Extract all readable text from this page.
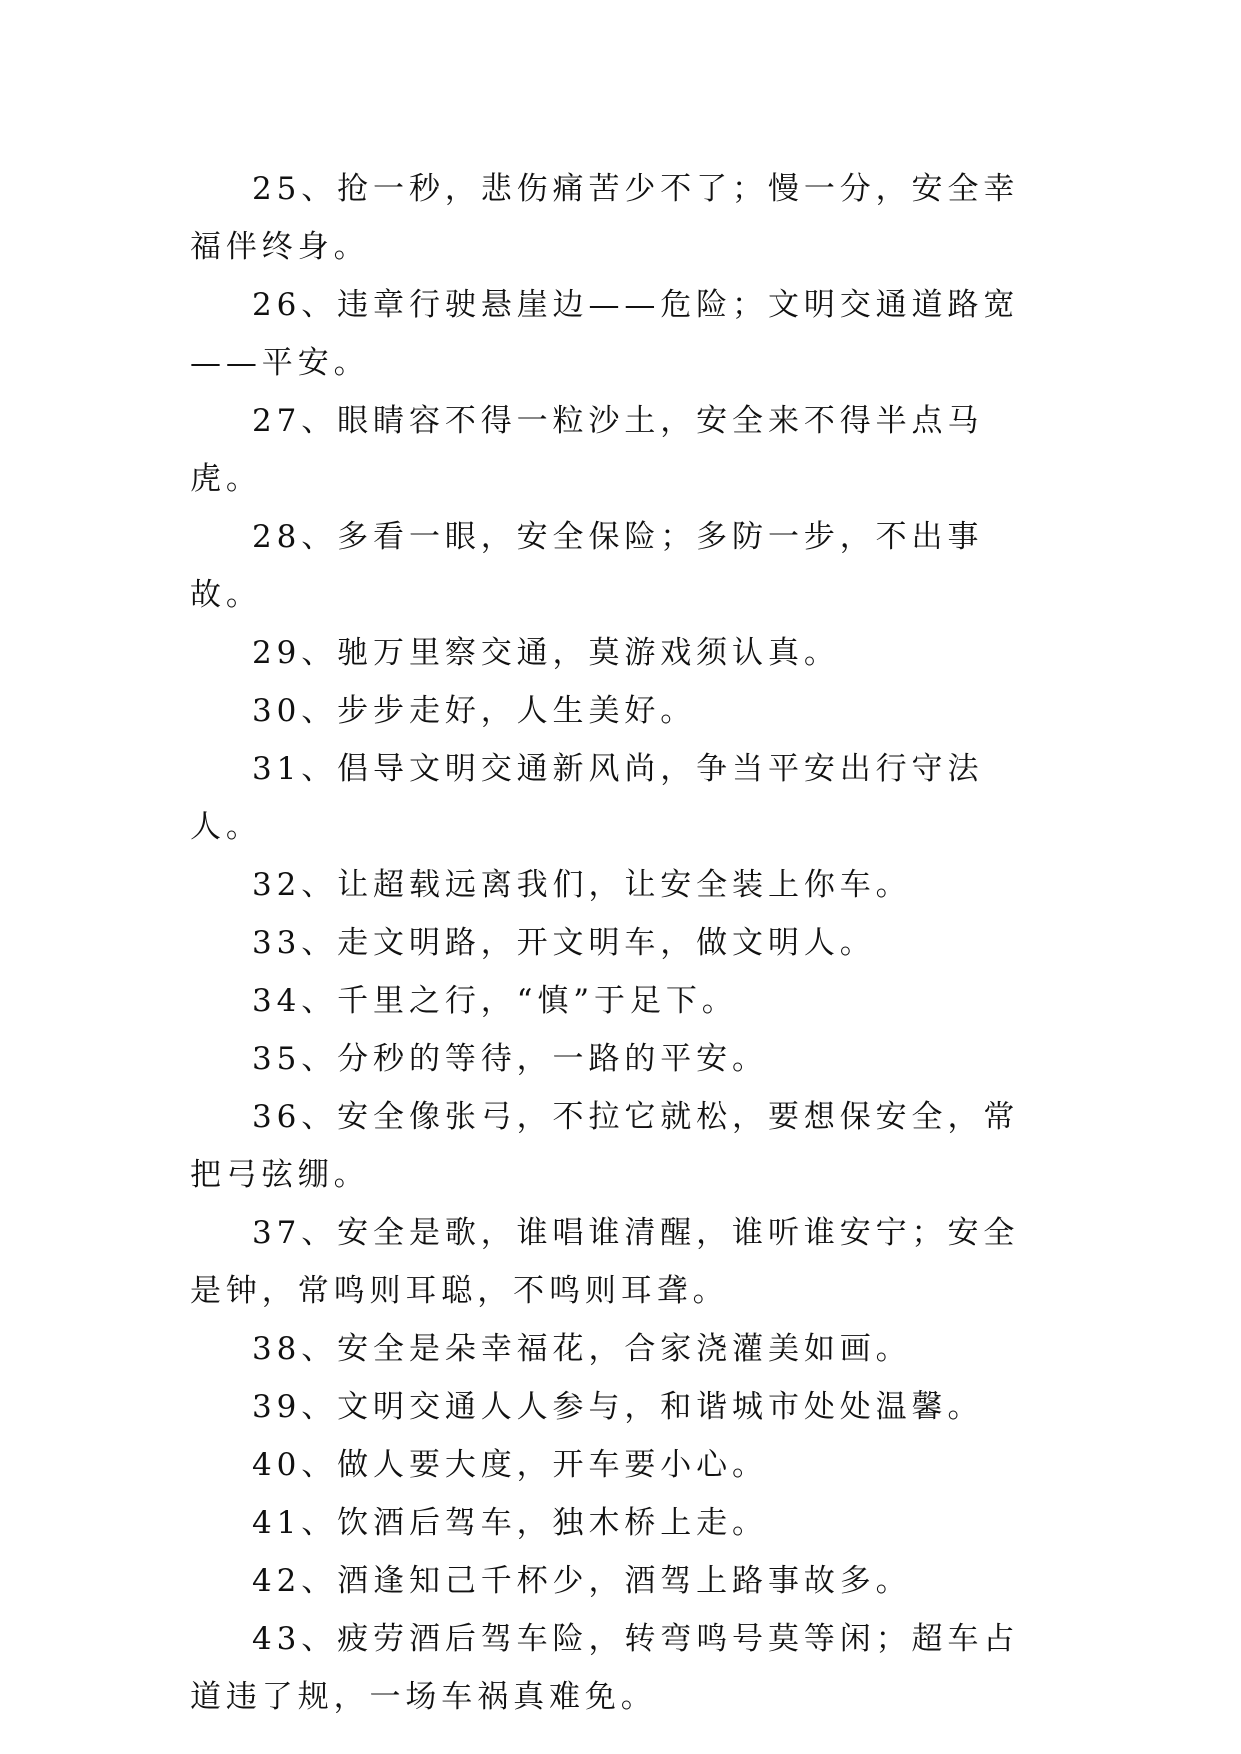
25、抢一秒，悲伤痛苦少不了；慢一分，安全幸福伴终身。

26、违章行驶悬崖边——危险；文明交通道路宽——平安。

27、眼睛容不得一粒沙土，安全来不得半点马虎。

28、多看一眼，安全保险；多防一步，不出事故。

29、驰万里察交通，莫游戏须认真。

30、步步走好，人生美好。

31、倡导文明交通新风尚，争当平安出行守法人。

32、让超载远离我们，让安全装上你车。

33、走文明路，开文明车，做文明人。

34、千里之行，“慎”于足下。

35、分秒的等待，一路的平安。

36、安全像张弓，不拉它就松，要想保安全，常把弓弦绷。

37、安全是歌，谁唱谁清醒，谁听谁安宁；安全是钟，常鸣则耳聪，不鸣则耳聋。

38、安全是朵幸福花，合家浇灌美如画。

39、文明交通人人参与，和谐城市处处温馨。

40、做人要大度，开车要小心。

41、饮酒后驾车，独木桥上走。

42、酒逢知己千杯少，酒驾上路事故多。

43、疲劳酒后驾车险，转弯鸣号莫等闲；超车占道违了规，一场车祸真难免。
